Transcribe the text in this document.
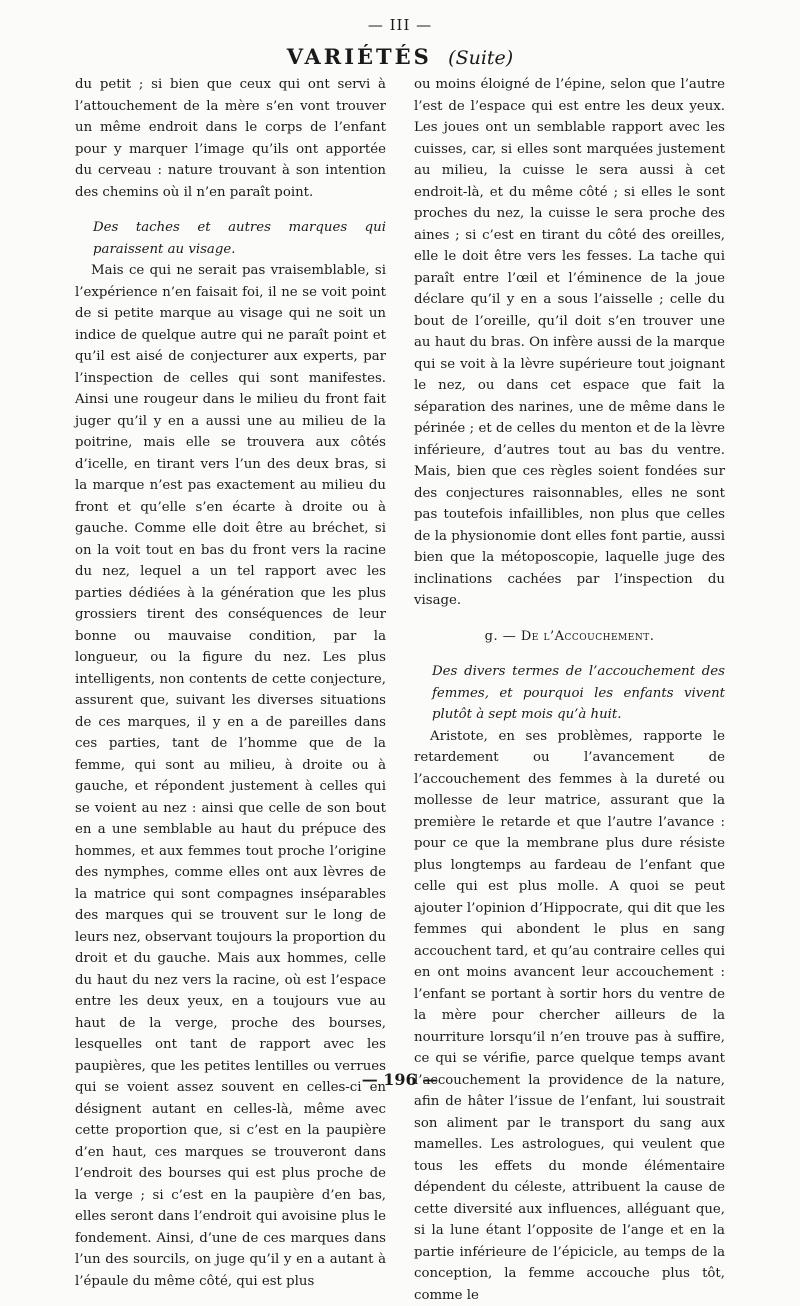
— III —
VARIÉTÉS (Suite)

du petit ; si bien que ceux qui ont servi à l’attouchement de la mère s’en vont trouver un même endroit dans le corps de l’enfant pour y marquer l’image qu’ils ont apportée du cerveau : nature trouvant à son intention des chemins où il n’en paraît point.

Des taches et autres marques qui paraissent au visage.

Mais ce qui ne serait pas vraisemblable, si l’expérience n’en faisait foi, il ne se voit point de si petite marque au visage qui ne soit un indice de quelque autre qui ne paraît point et qu’il est aisé de conjecturer aux experts, par l’inspection de celles qui sont manifestes. Ainsi une rougeur dans le milieu du front fait juger qu’il y en a aussi une au milieu de la poitrine, mais elle se trouvera aux côtés d’icelle, en tirant vers l’un des deux bras, si la marque n’est pas exactement au milieu du front et qu’elle s’en écarte à droite ou à gauche. Comme elle doit être au bréchet, si on la voit tout en bas du front vers la racine du nez, lequel a un tel rapport avec les parties dédiées à la génération que les plus grossiers tirent des conséquences de leur bonne ou mauvaise condition, par la longueur, ou la figure du nez. Les plus intelligents, non contents de cette conjecture, assurent que, suivant les diverses situations de ces marques, il y en a de pareilles dans ces parties, tant de l’homme que de la femme, qui sont au milieu, à droite ou à gauche, et répondent justement à celles qui se voient au nez : ainsi que celle de son bout en a une semblable au haut du prépuce des hommes, et aux femmes tout proche l’origine des nymphes, comme elles ont aux lèvres de la matrice qui sont compagnes inséparables des marques qui se trouvent sur le long de leurs nez, observant toujours la proportion du droit et du gauche. Mais aux hommes, celle du haut du nez vers la racine, où est l’espace entre les deux yeux, en a toujours vue au haut de la verge, proche des bourses, lesquelles ont tant de rapport avec les paupières, que les petites lentilles ou verrues qui se voient assez souvent en celles-ci en désignent autant en celles-là, même avec cette proportion que, si c’est en la paupière d’en haut, ces marques se trouveront dans l’endroit des bourses qui est plus proche de la verge ; si c’est en la paupière d’en bas, elles seront dans l’endroit qui avoisine plus le fondement. Ainsi, d’une de ces marques dans l’un des sourcils, on juge qu’il y en a autant à l’épaule du même côté, qui est plus

ou moins éloigné de l’épine, selon que l’autre l’est de l’espace qui est entre les deux yeux. Les joues ont un semblable rapport avec les cuisses, car, si elles sont marquées justement au milieu, la cuisse le sera aussi à cet endroit-là, et du même côté ; si elles le sont proches du nez, la cuisse le sera proche des aines ; si c’est en tirant du côté des oreilles, elle le doit être vers les fesses. La tache qui paraît entre l’œil et l’éminence de la joue déclare qu’il y en a sous l’aisselle ; celle du bout de l’oreille, qu’il doit s’en trouver une au haut du bras. On infère aussi de la marque qui se voit à la lèvre supérieure tout joignant le nez, ou dans cet espace que fait la séparation des narines, une de même dans le périnée ; et de celles du menton et de la lèvre inférieure, d’autres tout au bas du ventre. Mais, bien que ces règles soient fondées sur des conjectures raisonnables, elles ne sont pas toutefois infaillibles, non plus que celles de la physionomie dont elles font partie, aussi bien que la métoposcopie, laquelle juge des inclinations cachées par l’inspection du visage.

g. — De l’Accouchement.

Des divers termes de l’accouchement des femmes, et pourquoi les enfants vivent plutôt à sept mois qu’à huit.

Aristote, en ses problèmes, rapporte le retardement ou l’avancement de l’accouchement des femmes à la dureté ou mollesse de leur matrice, assurant que la première le retarde et que l’autre l’avance : pour ce que la membrane plus dure résiste plus longtemps au fardeau de l’enfant que celle qui est plus molle. A quoi se peut ajouter l’opinion d’Hippocrate, qui dit que les femmes qui abondent le plus en sang accouchent tard, et qu’au contraire celles qui en ont moins avancent leur accouchement : l’enfant se portant à sortir hors du ventre de la mère pour chercher ailleurs de la nourriture lorsqu’il n’en trouve pas à suffire, ce qui se vérifie, parce quelque temps avant l’accouchement la providence de la nature, afin de hâter l’issue de l’enfant, lui soustrait son aliment par le transport du sang aux mamelles. Les astrologues, qui veulent que tous les effets du monde élémentaire dépendent du céleste, attribuent la cause de cette diversité aux influences, alléguant que, si la lune étant l’opposite de l’ange et en la partie inférieure de l’épicicle, au temps de la conception, la femme accouche plus tôt, comme le

— 196 —
